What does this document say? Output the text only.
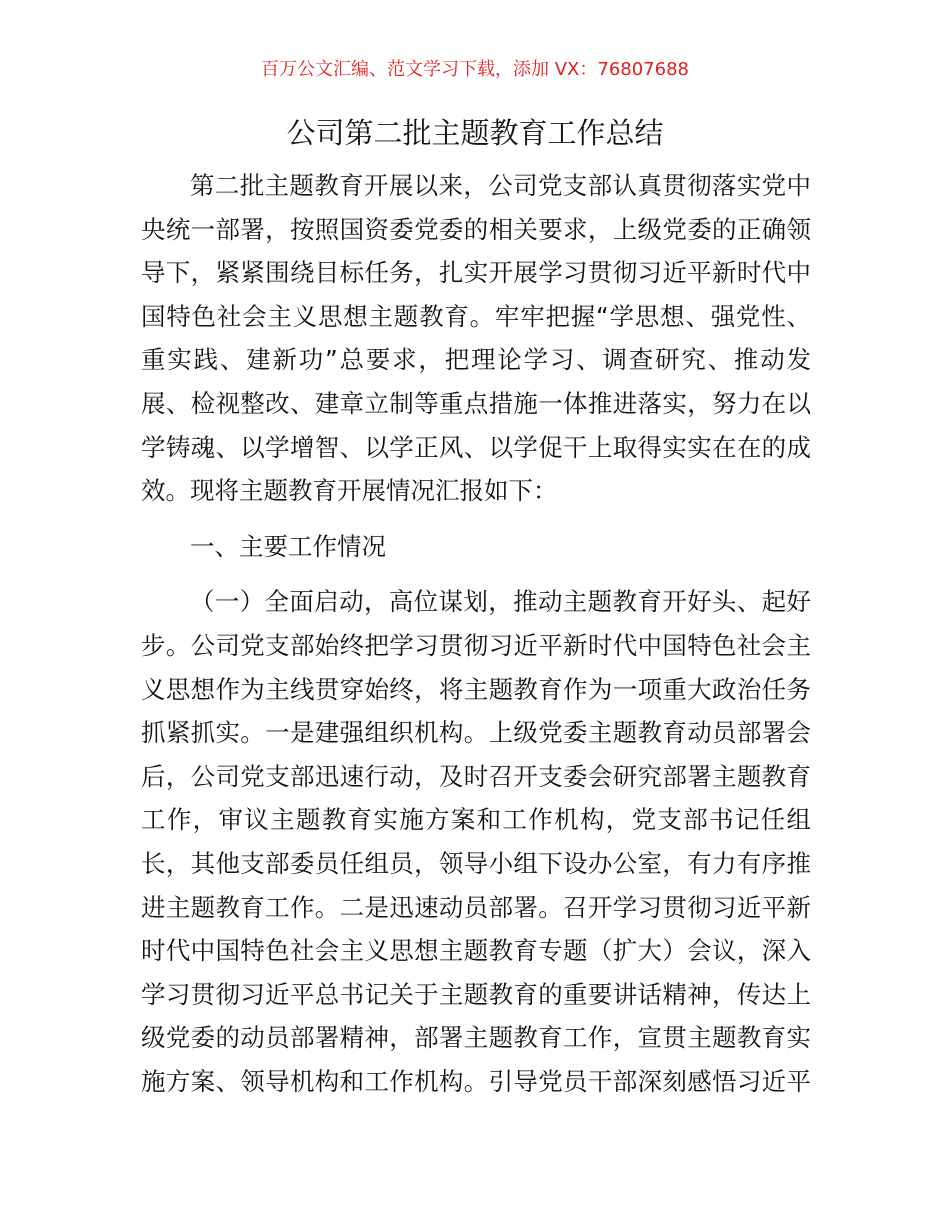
百万公文汇编、范文学习下载，添加 VX：76807688
公司第二批主题教育工作总结
第二批主题教育开展以来，公司党支部认真贯彻落实党中
央统一部署，按照国资委党委的相关要求，上级党委的正确领
导下，紧紧围绕目标任务，扎实开展学习贯彻习近平新时代中
国特色社会主义思想主题教育。牢牢把握“学思想、强党性、
重实践、建新功”总要求，把理论学习、调查研究、推动发
展、检视整改、建章立制等重点措施一体推进落实，努力在以
学铸魂、以学增智、以学正风、以学促干上取得实实在在的成
效。现将主题教育开展情况汇报如下：
一、主要工作情况
（一）全面启动，高位谋划，推动主题教育开好头、起好
步。公司党支部始终把学习贯彻习近平新时代中国特色社会主
义思想作为主线贯穿始终，将主题教育作为一项重大政治任务
抓紧抓实。一是建强组织机构。上级党委主题教育动员部署会
后，公司党支部迅速行动，及时召开支委会研究部署主题教育
工作，审议主题教育实施方案和工作机构，党支部书记任组
长，其他支部委员任组员，领导小组下设办公室，有力有序推
进主题教育工作。二是迅速动员部署。召开学习贯彻习近平新
时代中国特色社会主义思想主题教育专题（扩大）会议，深入
学习贯彻习近平总书记关于主题教育的重要讲话精神，传达上
级党委的动员部署精神，部署主题教育工作，宣贯主题教育实
施方案、领导机构和工作机构。引导党员干部深刻感悟习近平
